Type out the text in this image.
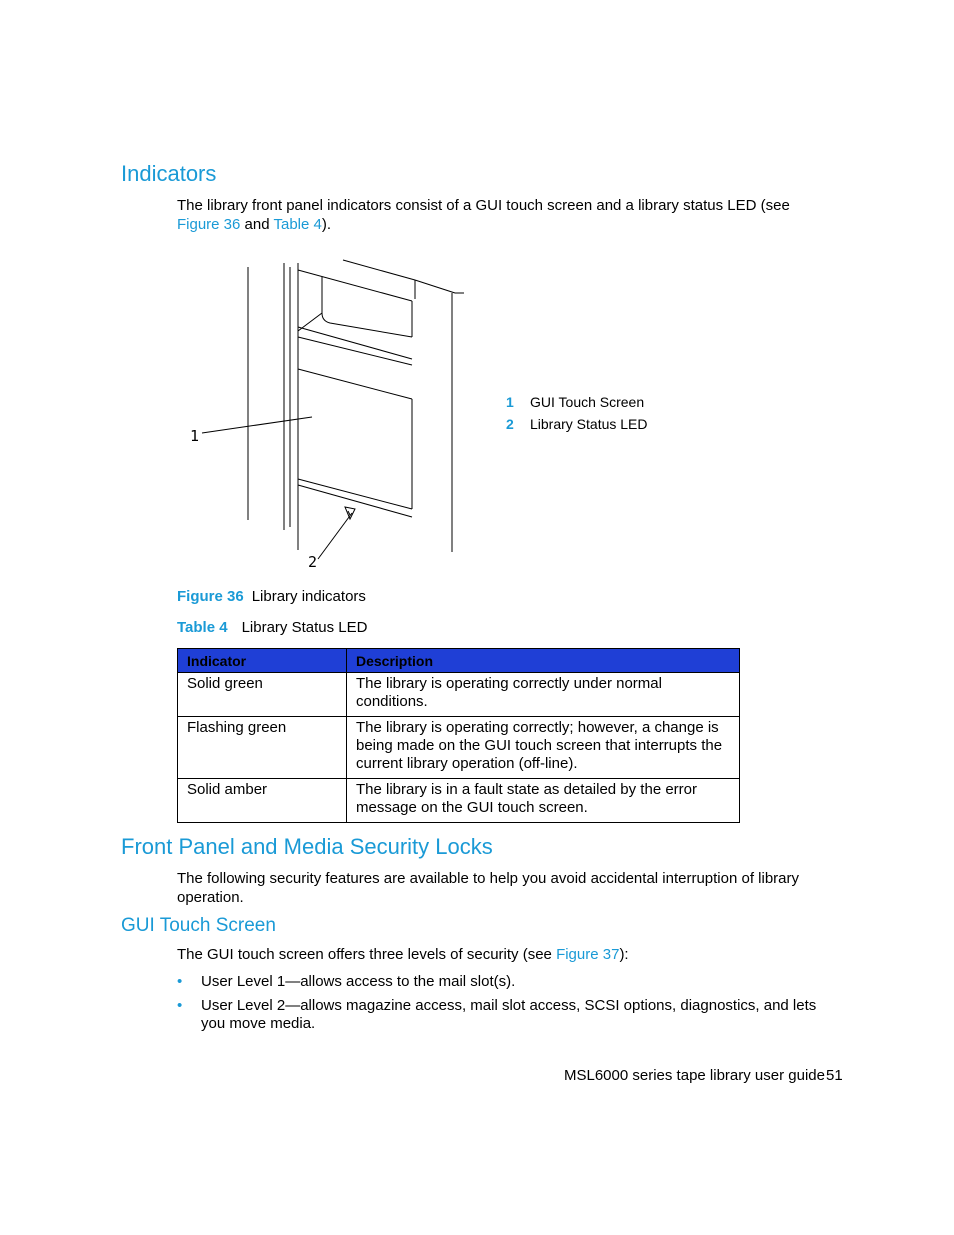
Indicators
The library front panel indicators consist of a GUI touch screen and a library status LED (see Figure 36 and Table 4).
1
2
1 GUI Touch Screen
2 Library Status LED
Figure 36 Library indicators
Table 4 Library Status LED
Indicator	Description
Solid green	The library is operating correctly under normal conditions.
Flashing green	The library is operating correctly; however, a change is being made on the GUI touch screen that interrupts the current library operation (off-line).
Solid amber	The library is in a fault state as detailed by the error message on the GUI touch screen.
Front Panel and Media Security Locks
The following security features are available to help you avoid accidental interruption of library operation.
GUI Touch Screen
The GUI touch screen offers three levels of security (see Figure 37):
• User Level 1—allows access to the mail slot(s).
• User Level 2—allows magazine access, mail slot access, SCSI options, diagnostics, and lets you move media.
MSL6000 series tape library user guide 51
